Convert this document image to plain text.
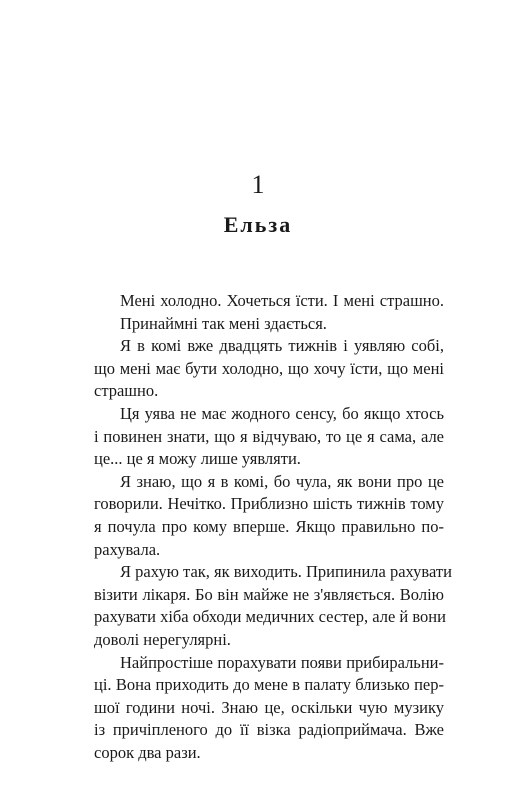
1
Ельза
Мені холодно. Хочеться їсти. І мені страшно.
Принаймні так мені здається.
Я в комі вже двадцять тижнів і уявляю собі,
що мені має бути холодно, що хочу їсти, що мені
страшно.
Ця уява не має жодного сенсу, бо якщо хтось
і повинен знати, що я відчуваю, то це я сама, але
це... це я можу лише уявляти.
Я знаю, що я в комі, бо чула, як вони про це
говорили. Нечітко. Приблизно шість тижнів тому
я почула про кому вперше. Якщо правильно по-
рахувала.
Я рахую так, як виходить. Припинила рахувати
візити лікаря. Бо він майже не з'являється. Волію
рахувати хіба обходи медичних сестер, але й вони
доволі нерегулярні.
Найпростіше порахувати появи прибиральни-
ці. Вона приходить до мене в палату близько пер-
шої години ночі. Знаю це, оскільки чую музику
із причіпленого до її візка радіоприймача. Вже
сорок два рази.
